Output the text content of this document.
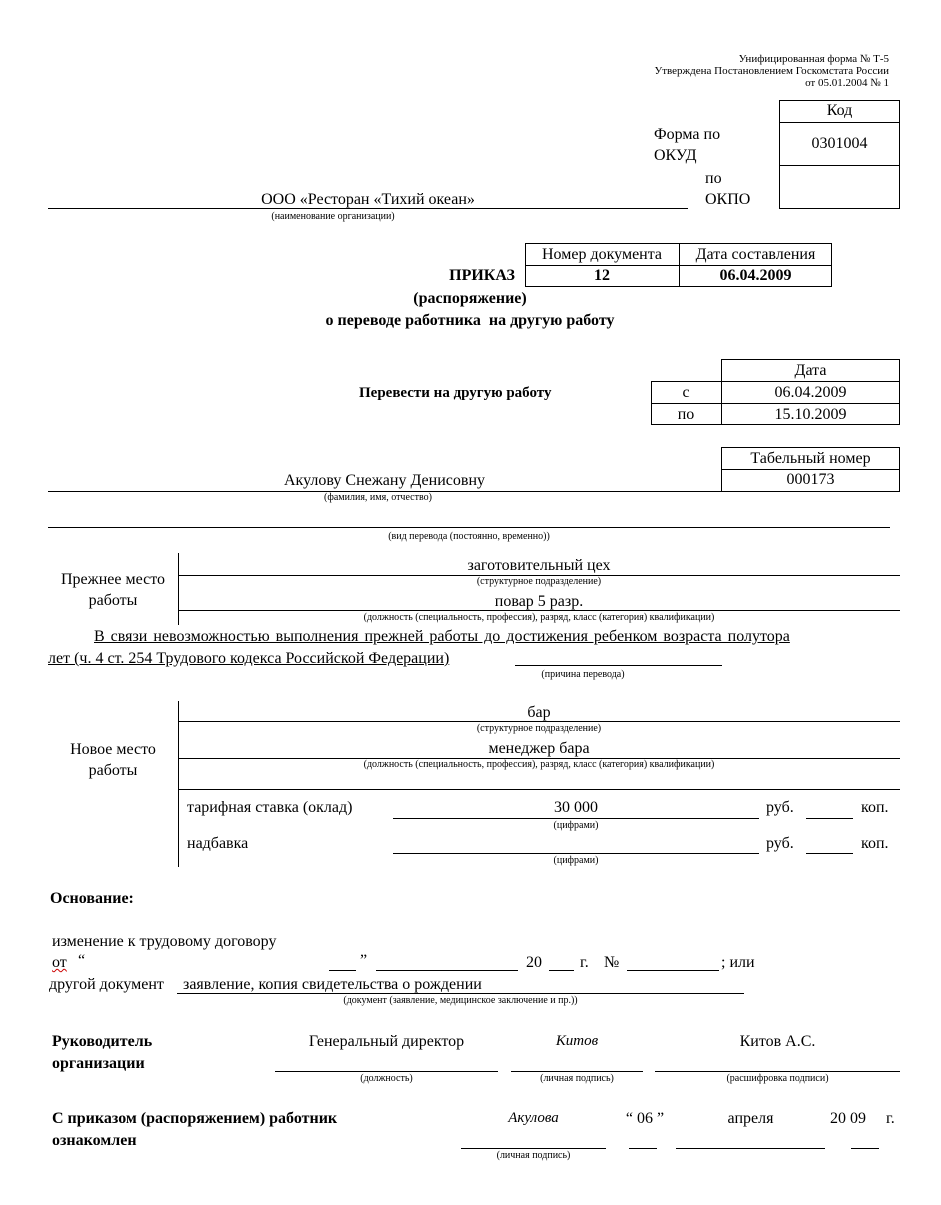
Унифицированная форма № Т-5
Утверждена Постановлением Госкомстата России
от 05.01.2004 № 1
Код
0301004
Форма по
ОКУД
по
ОКПО
ООО «Ресторан «Тихий океан»
(наименование организации)
Номер документа	Дата составления
12	06.04.2009
ПРИКАЗ
(распоряжение)
о переводе работника  на другую работу
Перевести на другую работу
Дата
с	06.04.2009
по	15.10.2009
Табельный номер
000173
Акулову Снежану Денисовну
(фамилия, имя, отчество)
(вид перевода (постоянно, временно))
Прежнее место
работы
заготовительный цех
(структурное подразделение)
повар 5 разр.
(должность (специальность, профессия), разряд, класс (категория) квалификации)
В связи невозможностью выполнения прежней работы до достижения ребенком возраста полутора
лет (ч. 4 ст. 254 Трудового кодекса Российской Федерации)
(причина перевода)
Новое место
работы
бар
(структурное подразделение)
менеджер бара
(должность (специальность, профессия), разряд, класс (категория) квалификации)
тарифная ставка (оклад)	30 000
(цифрами)
руб.	коп.
надбавка
(цифрами)
руб.	коп.
Основание:
изменение к трудовому договору
от “	”	20 г. №	; или
другой документ заявление, копия свидетельства о рождении
(документ (заявление, медицинское заключение и пр.))
Руководитель
организации
Генеральный директор
(должность)
Китов
(личная подпись)
Китов А.С.
(расшифровка подписи)
С приказом (распоряжением) работник
ознакомлен
Акулова
(личная подпись)
“ 06 ”	апреля	20 09 г.
